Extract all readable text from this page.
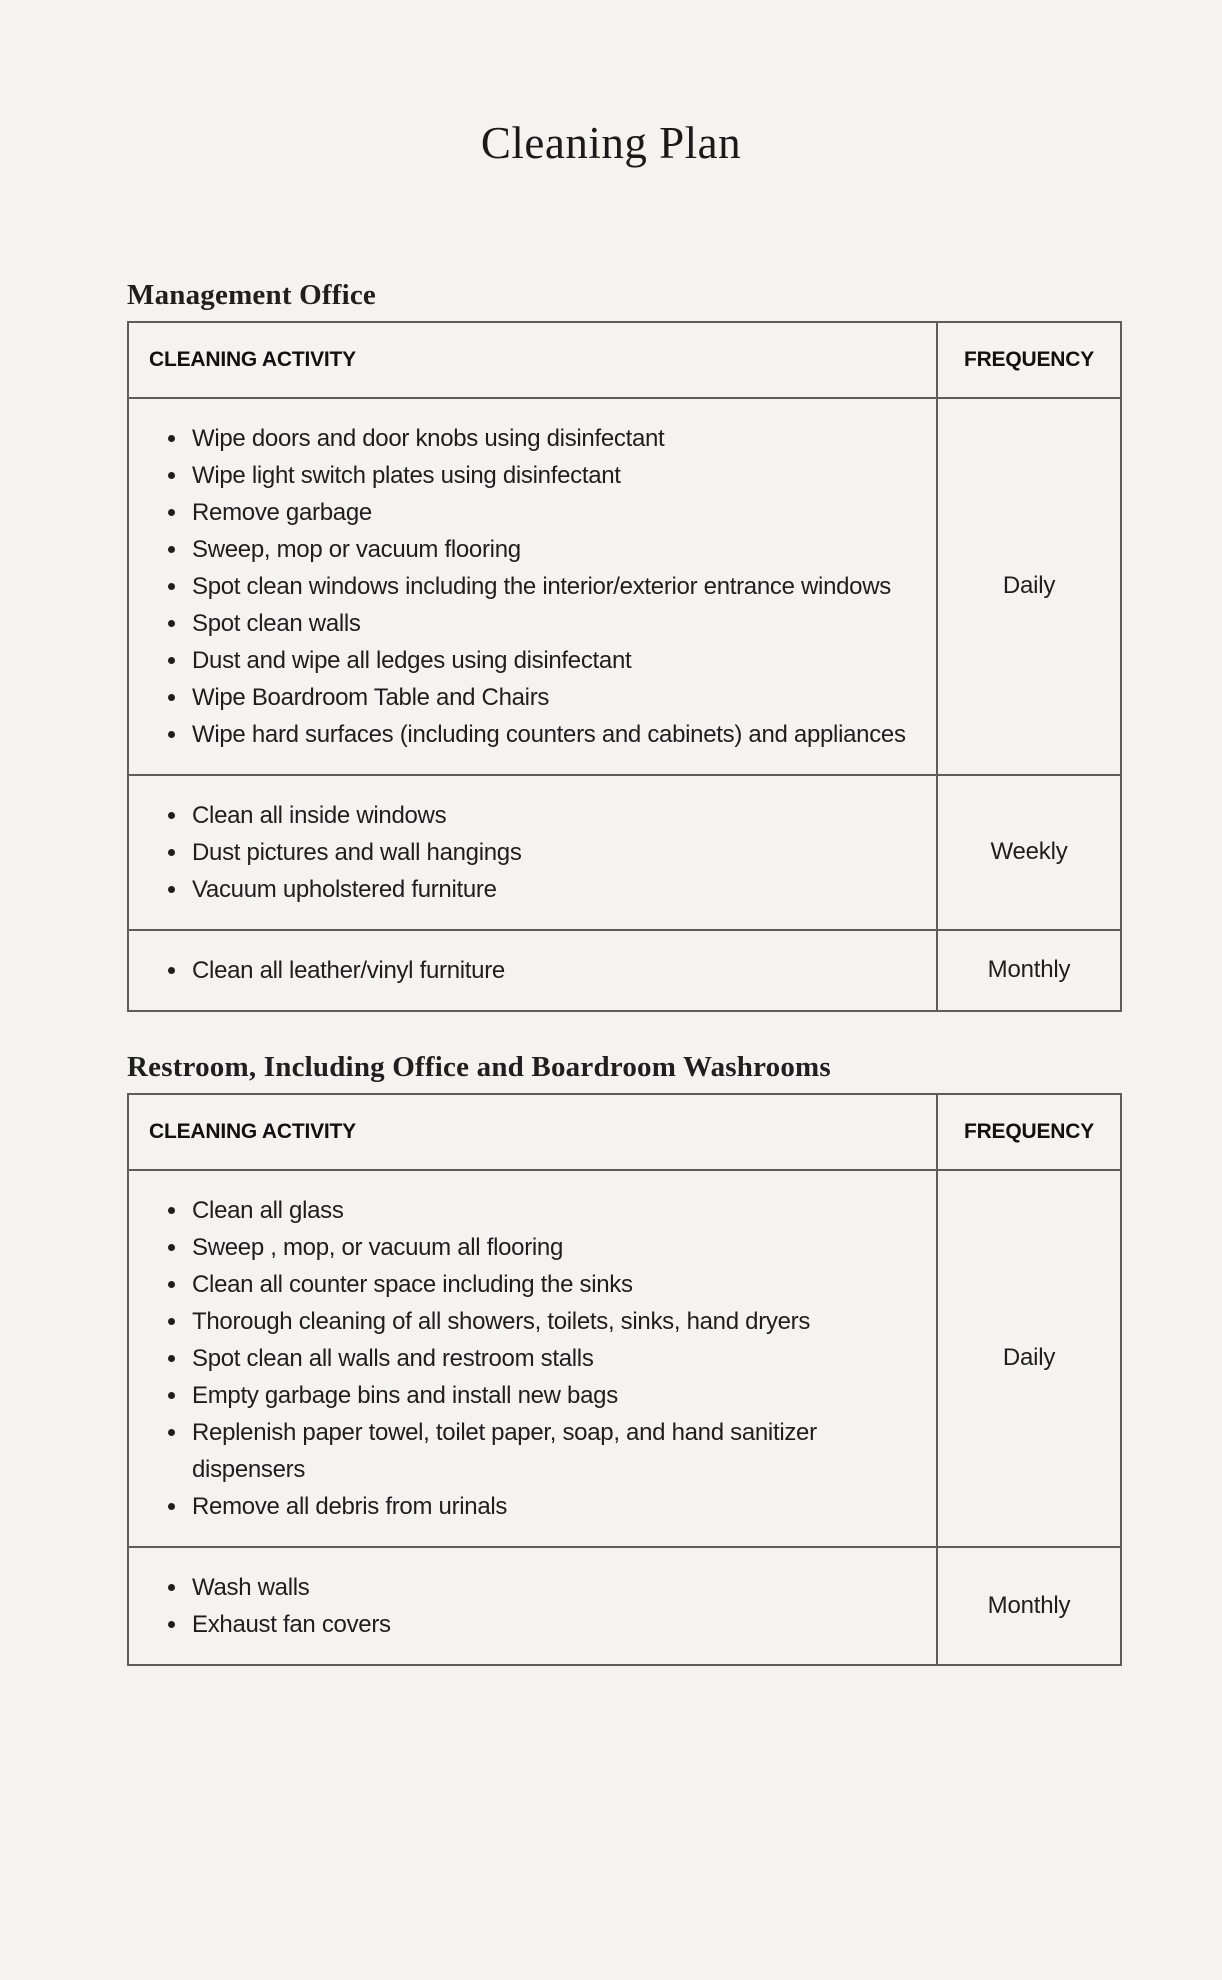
Cleaning Plan
Management Office
CLEANING ACTIVITY	FREQUENCY

Wipe doors and door knobs using disinfectant
Wipe light switch plates using disinfectant
Remove garbage
Sweep, mop or vacuum flooring
Spot clean windows including the interior/exterior entrance windows
Spot clean walls
Dust and wipe all ledges using disinfectant
Wipe Boardroom Table and Chairs
Wipe hard surfaces (including counters and cabinets) and appliances
	Daily

Clean all inside windows
Dust pictures and wall hangings
Vacuum upholstered furniture
	Weekly

Clean all leather/vinyl furniture	Monthly
Restroom, Including Office and Boardroom Washrooms
CLEANING ACTIVITY	FREQUENCY

Clean all glass
Sweep , mop, or vacuum all flooring
Clean all counter space including the sinks
Thorough cleaning of all showers, toilets, sinks, hand dryers
Spot clean all walls and restroom stalls
Empty garbage bins and install new bags
Replenish paper towel, toilet paper, soap, and hand sanitizer dispensers
Remove all debris from urinals
	Daily

Wash walls
Exhaust fan covers
	Monthly
